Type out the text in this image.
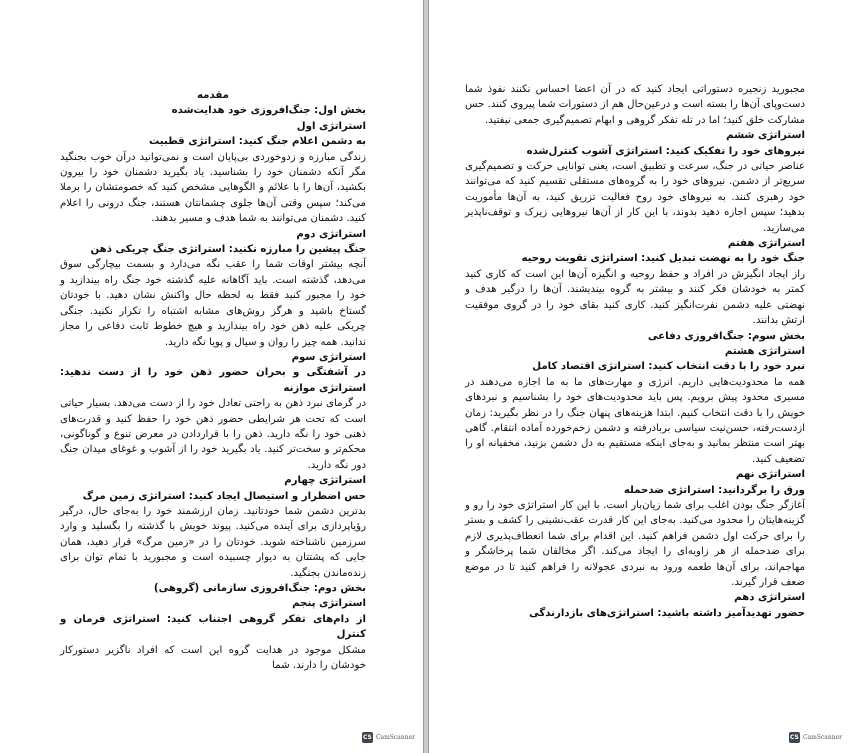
مقدمه

بخش اول: جنگ‌افروزی خود هدایت‌شده

استراتژی اول

به دشمن اعلام جنگ کنید: استراتژی قطبیت

زندگی مبارزه و زدوخوردی بی‌پایان است و نمی‌توانید درآن خوب بجنگید مگر آنکه دشمنان خود را بشناسید. یاد بگیرید دشمنان خود را بیرون بکشید، آن‌ها را با علائم و الگوهایی مشخص کنید که خصومتشان را برملا می‌کند؛ سپس وقتی آن‌ها جلوی چشمانتان هستند، جنگ درونی را اعلام کنید. دشمنان می‌توانند به شما هدف و مسیر بدهند.

استراتژی دوم

جنگ پیشین را مبارزه نکنید: استراتژی جنگ چریکی ذهن

آنچه بیشتر اوقات شما را عقب نگه می‌دارد و بسمت بیچارگی سوق می‌دهد، گذشته است. باید آگاهانه علیه گذشته خود جنگ راه بیندازید و خود را مجبور کنید فقط به لحظه حال واکنش نشان دهید. با خودتان گستاخ باشید و هرگز روش‌های مشابه اشتباه را تکرار نکنید. جنگی چریکی علیه ذهن خود راه بیندازید و هیچ خطوط ثابت دفاعی را مجاز ندانید. همه چیز را روان و سیال و پویا نگه دارید.

استراتژی سوم

در آشفتگی و بحران حضور ذهن خود را از دست ندهید: استراتژی موازنه

در گرمای نبرد ذهن به راحتی تعادل خود را از دست می‌دهد. بسیار حیاتی است که تحت هر شرایطی حضور ذهن خود را حفظ کنید و قدرت‌های ذهنی خود را نگه دارید. ذهن را با قراردادن در معرض تنوع و گوناگونی، محکم‌تر و سخت‌تر کنید. یاد بگیرید خود را از آشوب و غوغای میدان جنگ دور نگه دارید.

استراتژی چهارم

حس اضطرار و استیصال ایجاد کنید: استراتژی زمین مرگ

بدترین دشمن شما خودتانید. زمان ارزشمند خود را به‌جای حال، درگیر رؤیاپردازی برای آینده می‌کنید. پیوند خویش با گذشته را بگسلید و وارد سرزمین ناشناخته شوید. خودتان را در «زمین مرگ» قرار دهید، همان جایی که پشتتان به دیوار چسبیده است و مجبورید با تمام توان برای زنده‌ماندن بجنگید.

بخش دوم: جنگ‌افروزی سازمانی (گروهی)

استراتژی پنجم

از دام‌های تفکر گروهی اجتناب کنید: استراتژی فرمان و کنترل

مشکل موجود در هدایت گروه این است که افراد ناگزیر دستورکار خودشان را دارند. شما

CS CamScanner

مجبورید زنجیره دستوراتی ایجاد کنید که در آن اعضا احساس نکنند نفوذ شما دست‌وپای آن‌ها را بسته است و درعین‌حال هم از دستورات شما پیروی کنند. حس مشارکت خلق کنید؛ اما در تله تفکر گروهی و ابهام تصمیم‌گیری جمعی نیفتید.

استراتژی ششم

نیروهای خود را تفکیک کنید: استراتژی آشوب کنترل‌شده

عناصر حیاتی در جنگ، سرعت و تطبیق است، یعنی توانایی حرکت و تصمیم‌گیری سریع‌تر از دشمن. نیروهای خود را به گروه‌های مستقلی تقسیم کنید که می‌توانند خود رهبری کنند. به نیروهای خود روح فعالیت تزریق کنید، به آن‌ها مأموریت بدهید؛ سپس اجازه دهید بدوند، با این کار از آن‌ها نیروهایی زیرک و توقف‌ناپذیر می‌سازید.

استراتژی هفتم

جنگ خود را به نهضت تبدیل کنید: استراتژی تقویت روحیه

راز ایجاد انگیزش در افراد و حفظ روحیه و انگیزه آن‌ها این است که کاری کنید کمتر به خودشان فکر کنند و بیشتر به گروه بیندیشند. آن‌ها را درگیر هدف و نهضتی علیه دشمن نفرت‌انگیز کنید. کاری کنید بقای خود را در گروی موفقیت ارتش بدانند.

بخش سوم: جنگ‌افروزی دفاعی

استراتژی هشتم

نبرد خود را با دقت انتخاب کنید: استراتژی اقتصاد کامل

همه ما محدودیت‌هایی داریم. انرژی و مهارت‌های ما به ما اجازه می‌دهند در مسیری محدود پیش برویم. پس باید محدودیت‌های خود را بشناسیم و نبردهای خویش را با دقت انتخاب کنیم. ابتدا هزینه‌های پنهان جنگ را در نظر بگیرید: زمان ازدست‌رفته، حسن‌نیت سیاسی بربادرفته و دشمن زخم‌خورده آماده انتقام. گاهی بهتر است منتظر بمانید و به‌جای اینکه مستقیم به دل دشمن بزنید، مخفیانه او را تضعیف کنید.

استراتژی نهم

ورق را برگردانید: استراتژی ضدحمله

آغازگر جنگ بودن اغلب برای شما زیان‌بار است. با این کار استراتژی خود را رو و گزینه‌هایتان را محدود می‌کنید. به‌جای این کار قدرت عقب‌نشینی را کشف و بستر را برای حرکت اول دشمن فراهم کنید. این اقدام برای شما انعطاف‌پذیری لازم برای ضدحمله از هر زاویه‌ای را ایجاد می‌کند. اگر مخالفان شما پرخاشگر و مهاجم‌اند، برای آن‌ها طعمه ورود به نبردی عجولانه را فراهم کنید تا در موضع ضعف قرار گیرند.

استراتژی دهم

حضور تهدیدآمیز داشته باشید: استراتژی‌های بازدارندگی

CS CamScanner
